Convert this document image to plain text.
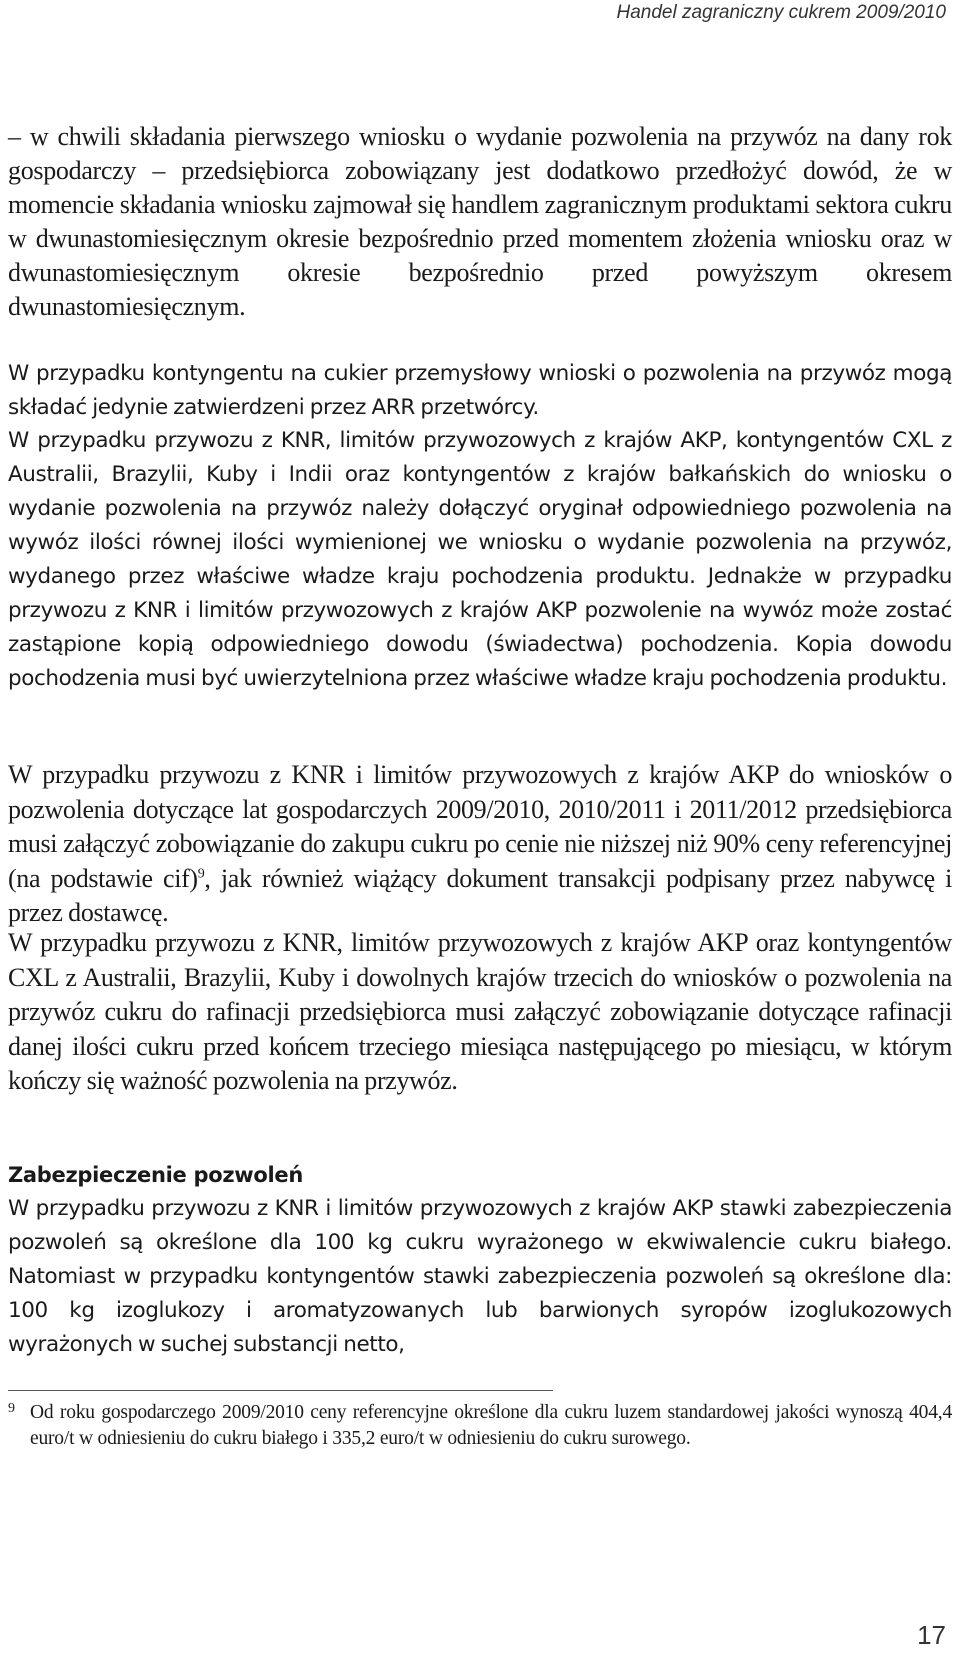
Handel zagraniczny cukrem 2009/2010

– w chwili składania pierwszego wniosku o wydanie pozwolenia na przywóz na dany rok gospodarczy – przedsiębiorca zobowiązany jest dodatkowo przedłożyć dowód, że w momencie składania wniosku zajmował się handlem zagranicznym produktami sektora cukru w dwunastomiesięcznym okresie bezpośrednio przed momentem złożenia wniosku oraz w dwunastomiesięcznym okresie bezpośrednio przed powyższym okresem dwunastomiesięcznym.

W przypadku kontyngentu na cukier przemysłowy wnioski o pozwolenia na przywóz mogą składać jedynie zatwierdzeni przez ARR przetwórcy.

W przypadku przywozu z KNR, limitów przywozowych z krajów AKP, kontyngentów CXL z Australii, Brazylii, Kuby i Indii oraz kontyngentów z krajów bałkańskich do wniosku o wydanie pozwolenia na przywóz należy dołączyć oryginał odpowiedniego pozwolenia na wywóz ilości równej ilości wymienionej we wniosku o wydanie pozwolenia na przywóz, wydanego przez właściwe władze kraju pochodzenia produktu. Jednakże w przypadku przywozu z KNR i limitów przywozowych z krajów AKP pozwolenie na wywóz może zostać zastąpione kopią odpowiedniego dowodu (świadectwa) pochodzenia. Kopia dowodu pochodzenia musi być uwierzytelniona przez właściwe władze kraju pochodzenia produktu.

W przypadku przywozu z KNR i limitów przywozowych z krajów AKP do wniosków o pozwolenia dotyczące lat gospodarczych 2009/2010, 2010/2011 i 2011/2012 przedsiębiorca musi załączyć zobowiązanie do zakupu cukru po cenie nie niższej niż 90% ceny referencyjnej (na podstawie cif)$^9$, jak również wiążący dokument transakcji podpisany przez nabywcę i przez dostawcę.

W przypadku przywozu z KNR, limitów przywozowych z krajów AKP oraz kontyngentów CXL z Australii, Brazylii, Kuby i dowolnych krajów trzecich do wniosków o pozwolenia na przywóz cukru do rafinacji przedsiębiorca musi załączyć zobowiązanie dotyczące rafinacji danej ilości cukru przed końcem trzeciego miesiąca następującego po miesiącu, w którym kończy się ważność pozwolenia na przywóz.

Zabezpieczenie pozwoleń

W przypadku przywozu z KNR i limitów przywozowych z krajów AKP stawki zabezpieczenia pozwoleń są określone dla 100 kg cukru wyrażonego w ekwiwalencie cukru białego. Natomiast w przypadku kontyngentów stawki zabezpieczenia pozwoleń są określone dla: 100 kg izoglukozy i aromatyzowanych lub barwionych syropów izoglukozowych wyrażonych w suchej substancji netto,

9 Od roku gospodarczego 2009/2010 ceny referencyjne określone dla cukru luzem standardowej jakości wynoszą 404,4 euro/t w odniesieniu do cukru białego i 335,2 euro/t w odniesieniu do cukru surowego.
17
